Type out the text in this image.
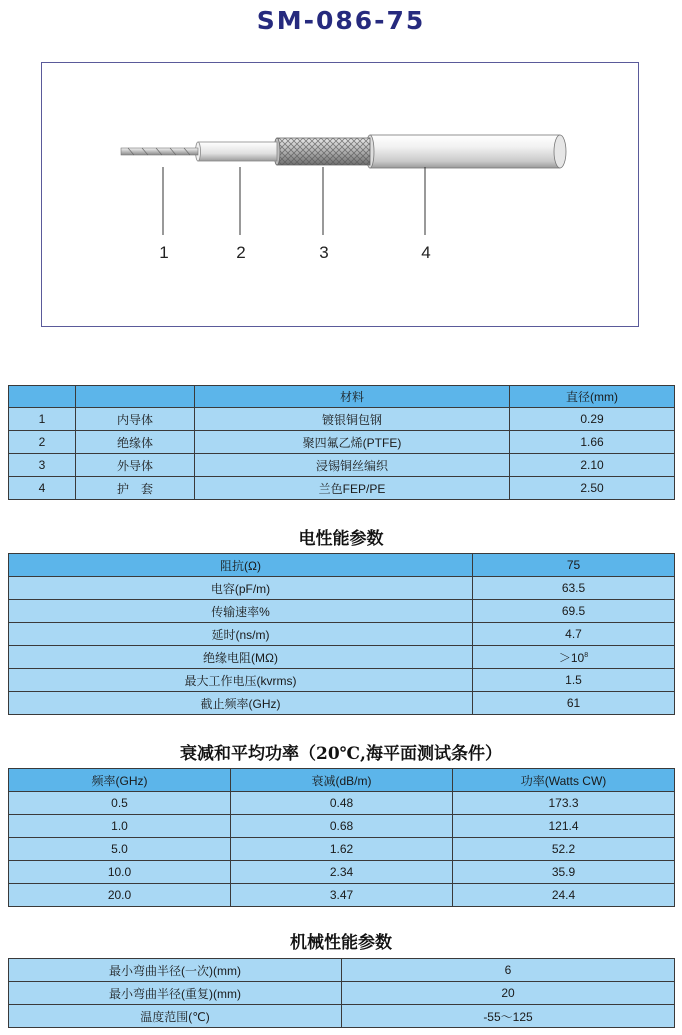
SM-086-75
1	2	3	4
		材料	直径(mm)
1	内导体	镀银铜包钢	0.29
2	绝缘体	聚四氟乙烯(PTFE)	1.66
3	外导体	浸锡铜丝编织	2.10
4	护　套	兰色FEP/PE	2.50
电性能参数
阻抗(Ω)	75
电容(pF/m)	63.5
传输速率%	69.5
延时(ns/m)	4.7
绝缘电阻(MΩ)	$>10^8$
最大工作电压(kvrms)	1.5
截止频率(GHz)	61
衰减和平均功率（20℃,海平面测试条件）
频率(GHz)	衰减(dB/m)	功率(Watts CW)
0.5	0.48	173.3
1.0	0.68	121.4
5.0	1.62	52.2
10.0	2.34	35.9
20.0	3.47	24.4
机械性能参数
最小弯曲半径(一次)(mm)	6
最小弯曲半径(重复)(mm)	20
温度范围(℃)	-55～125
